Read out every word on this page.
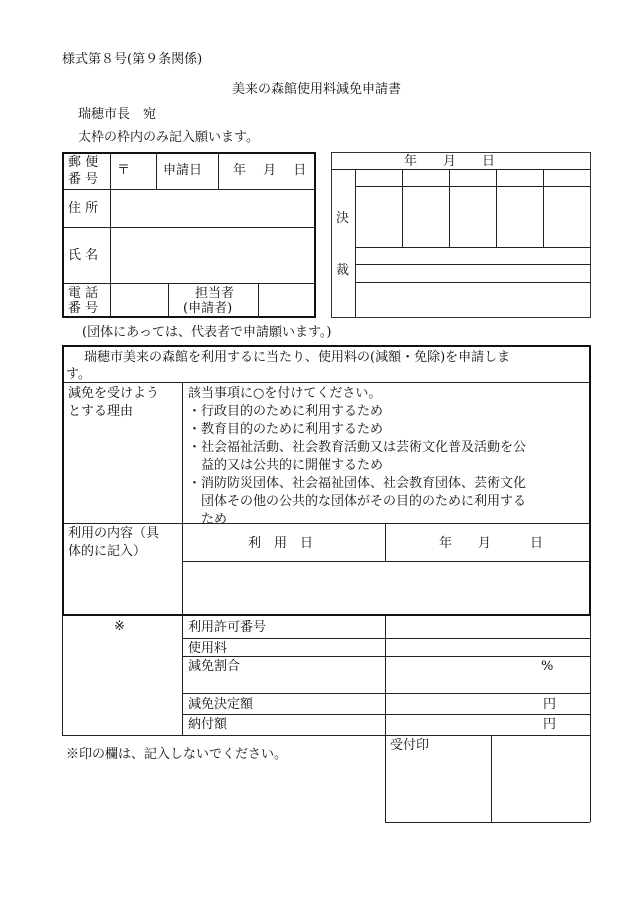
様式第８号(第９条関係)
美来の森館使用料減免申請書
瑞穂市長　宛
太枠の枠内のみ記入願います。
郵 便
番 号
〒	申請日 年　 月　 日
住 所
氏 名
電 話
番 号
担当者
(申請者)
年　　月　　日
決
裁
(団体にあっては、代表者で申請願います。)
瑞穂市美来の森館を利用するに当たり、使用料の(減額・免除)を申請しま
す。
減免を受けよう
とする理由
該当事項に○を付けてください。
・行政目的のために利用するため
・教育目的のために利用するため
・社会福祉活動、社会教育活動又は芸術文化普及活動を公
　益的又は公共的に開催するため
・消防防災団体、社会福祉団体、社会教育団体、芸術文化
　団体その他の公共的な団体がその目的のために利用する
　ため
利用の内容（具
体的に記入）
利　用　日	年　　月　　　日
※	利用許可番号
使用料
減免割合	%
減免決定額	円
納付額	円
※印の欄は、記入しないでください。
受付印
